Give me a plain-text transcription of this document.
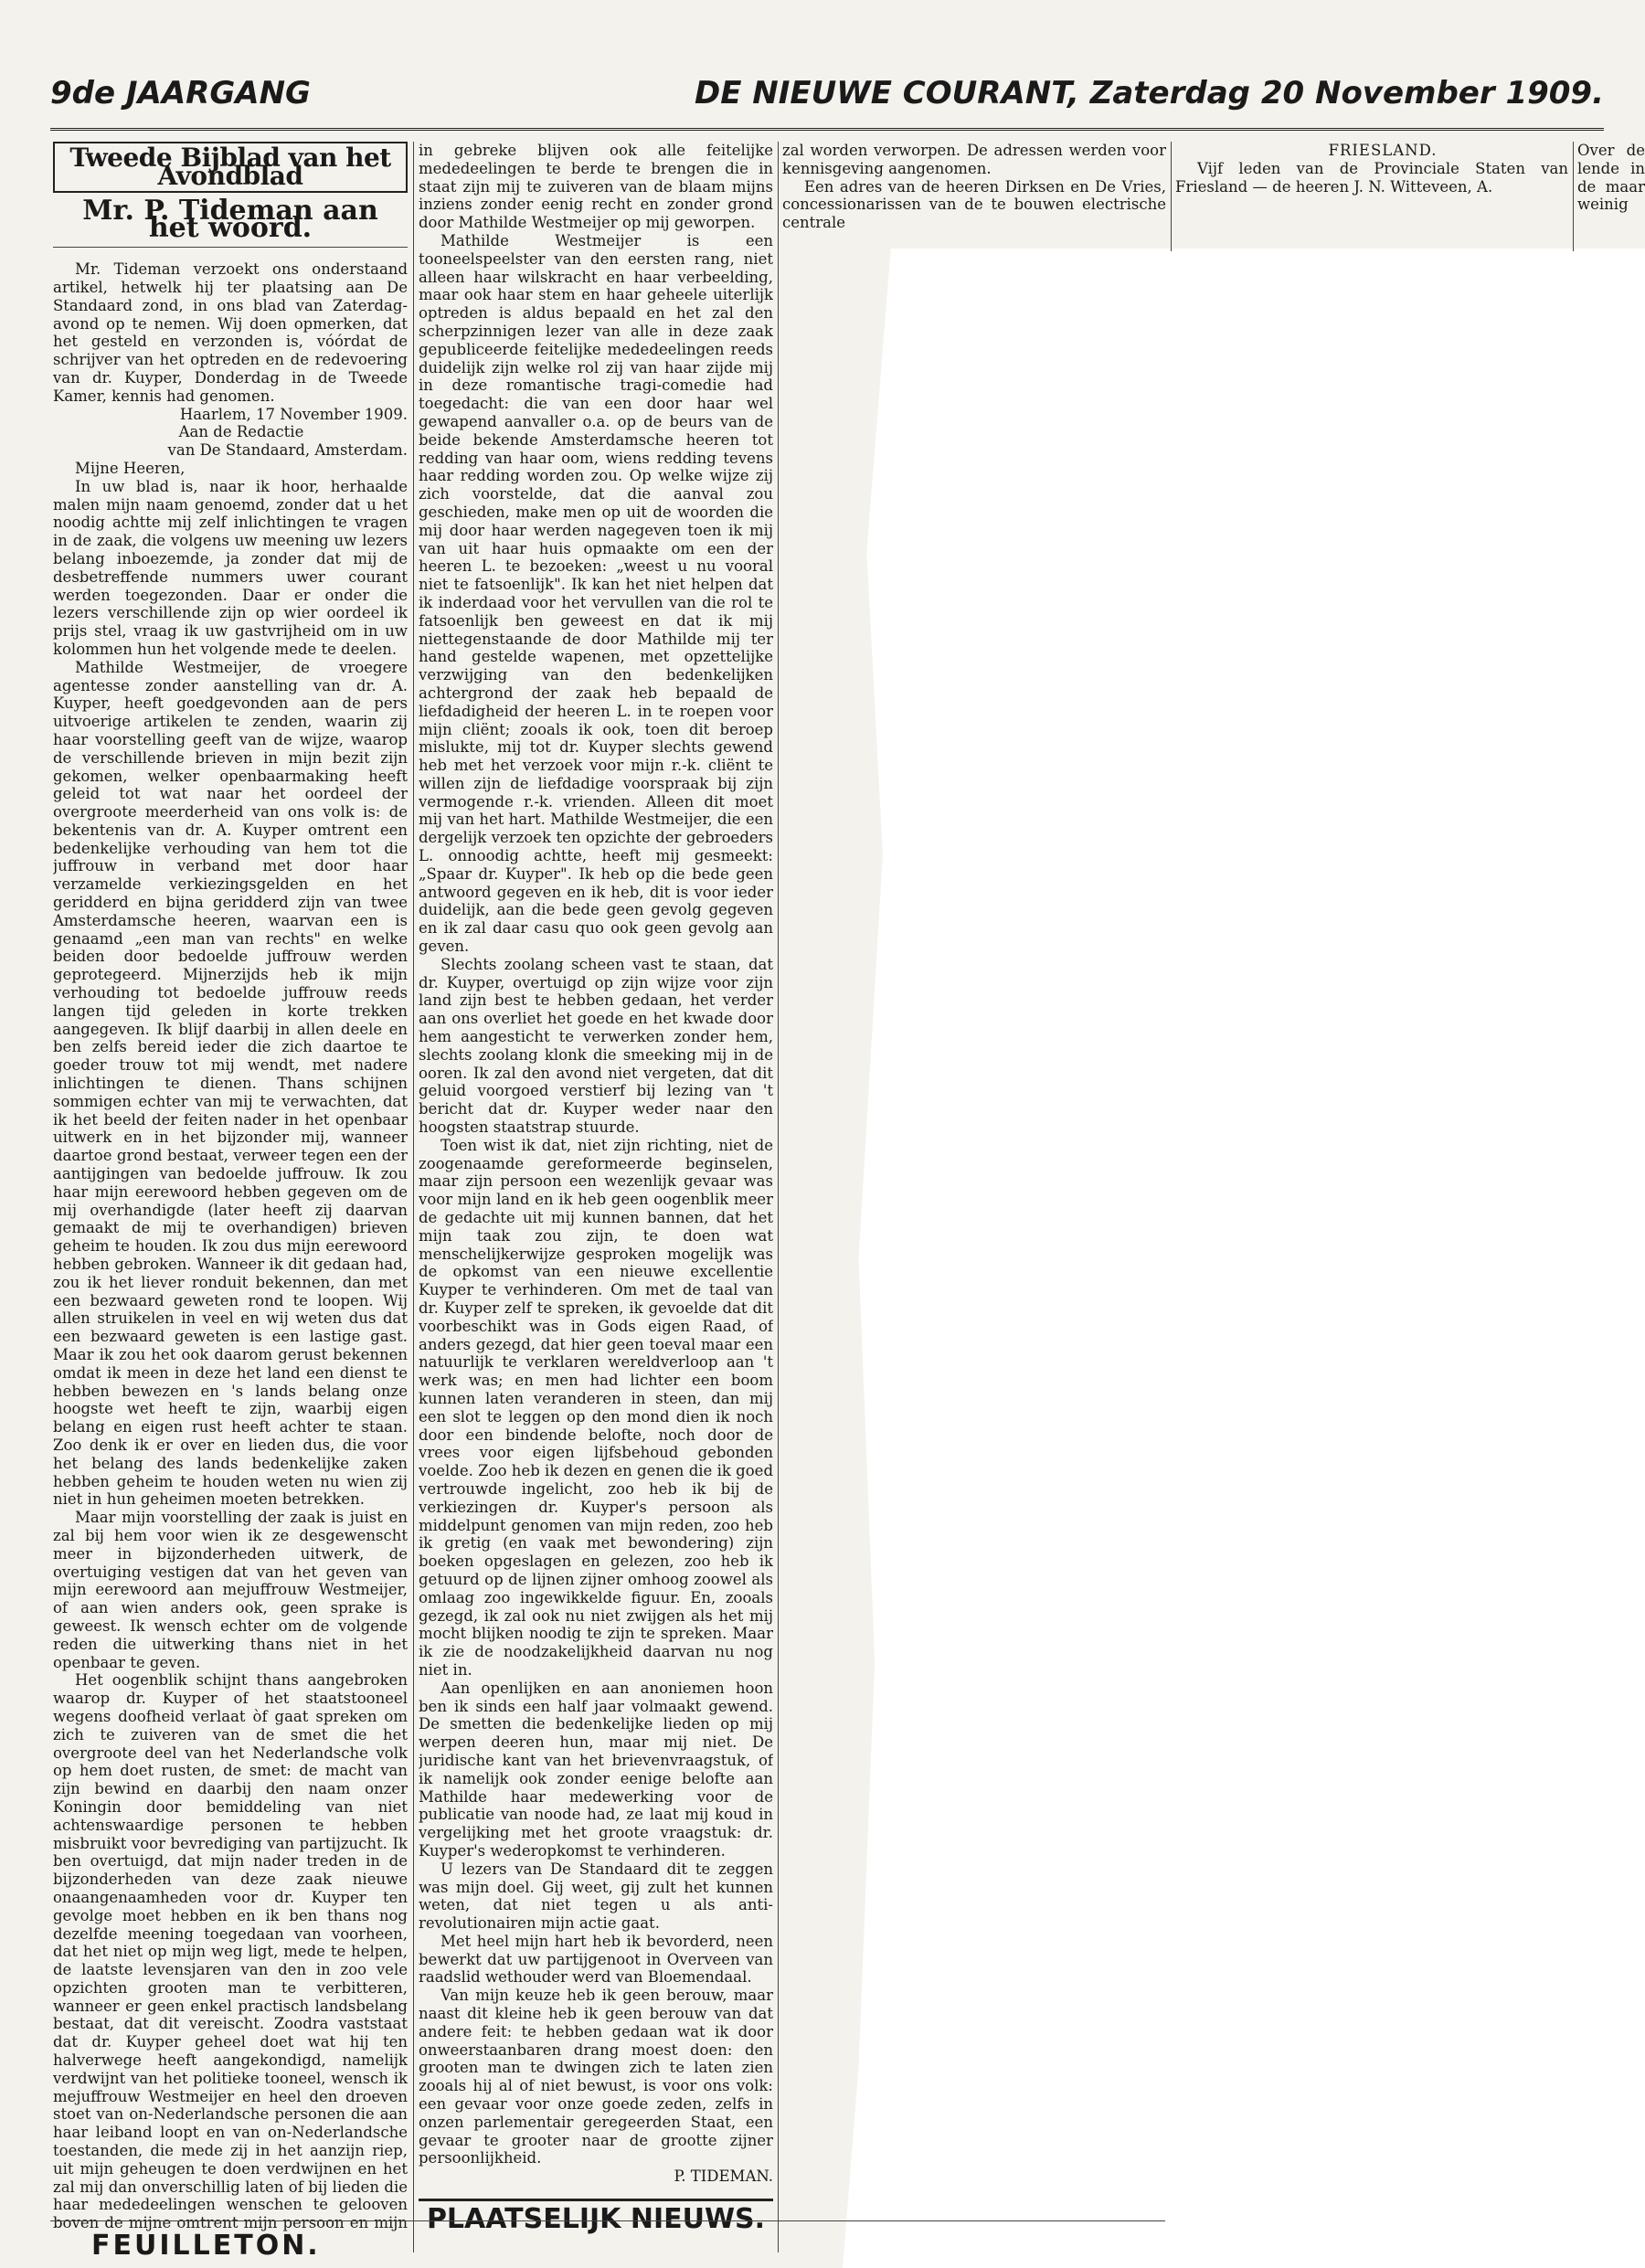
9de JAARGANG	DE NIEUWE COURANT, Zaterdag 20 November 1909.
Tweede Bijblad van het Avondblad
Mr. P. Tideman aan het woord.

Mr. Tideman verzoekt ons onderstaand artikel, hetwelk hij ter plaatsing aan De Standaard zond, in ons blad van Zaterdag-avond op te nemen. Wij doen opmerken, dat het gesteld en verzonden is, vóórdat de schrijver van het optreden en de redevoering van dr. Kuyper, Donderdag in de Tweede Kamer, kennis had genomen.

Haarlem, 17 November 1909.

Aan de Redactie

van De Standaard, Amsterdam.

Mijne Heeren,

In uw blad is, naar ik hoor, herhaalde malen mijn naam genoemd, zonder dat u het noodig achtte mij zelf inlichtingen te vragen in de zaak, die volgens uw meening uw lezers belang inboezemde, ja zonder dat mij de desbetreffende nummers uwer courant werden toegezonden. Daar er onder die lezers verschillende zijn op wier oordeel ik prijs stel, vraag ik uw gastvrijheid om in uw kolommen hun het volgende mede te deelen.

Mathilde Westmeijer, de vroegere agentesse zonder aanstelling van dr. A. Kuyper, heeft goedgevonden aan de pers uitvoerige artikelen te zenden, waarin zij haar voorstelling geeft van de wijze, waarop de verschillende brieven in mijn bezit zijn gekomen, welker openbaarmaking heeft geleid tot wat naar het oordeel der overgroote meerderheid van ons volk is: de bekentenis van dr. A. Kuyper omtrent een bedenkelijke verhouding van hem tot die juffrouw in verband met door haar verzamelde verkiezingsgelden en het geridderd en bijna geridderd zijn van twee Amsterdamsche heeren, waarvan een is genaamd „een man van rechts" en welke beiden door bedoelde juffrouw werden geprotegeerd. Mijnerzijds heb ik mijn verhouding tot bedoelde juffrouw reeds langen tijd geleden in korte trekken aangegeven. Ik blijf daarbij in allen deele en ben zelfs bereid ieder die zich daartoe te goeder trouw tot mij wendt, met nadere inlichtingen te dienen. Thans schijnen sommigen echter van mij te verwachten, dat ik het beeld der feiten nader in het openbaar uitwerk en in het bijzonder mij, wanneer daartoe grond bestaat, verweer tegen een der aantijgingen van bedoelde juffrouw. Ik zou haar mijn eerewoord hebben gegeven om de mij overhandigde (later heeft zij daarvan gemaakt de mij te overhandigen) brieven geheim te houden. Ik zou dus mijn eerewoord hebben gebroken. Wanneer ik dit gedaan had, zou ik het liever ronduit bekennen, dan met een bezwaard geweten rond te loopen. Wij allen struikelen in veel en wij weten dus dat een bezwaard geweten is een lastige gast. Maar ik zou het ook daarom gerust bekennen omdat ik meen in deze het land een dienst te hebben bewezen en 's lands belang onze hoogste wet heeft te zijn, waarbij eigen belang en eigen rust heeft achter te staan. Zoo denk ik er over en lieden dus, die voor het belang des lands bedenkelijke zaken hebben geheim te houden weten nu wien zij niet in hun geheimen moeten betrekken.

Maar mijn voorstelling der zaak is juist en zal bij hem voor wien ik ze desgewenscht meer in bijzonderheden uitwerk, de overtuiging vestigen dat van het geven van mijn eerewoord aan mejuffrouw Westmeijer, of aan wien anders ook, geen sprake is geweest. Ik wensch echter om de volgende reden die uitwerking thans niet in het openbaar te geven.

Het oogenblik schijnt thans aangebroken waarop dr. Kuyper of het staatstooneel wegens doofheid verlaat òf gaat spreken om zich te zuiveren van de smet die het overgroote deel van het Nederlandsche volk op hem doet rusten, de smet: de macht van zijn bewind en daarbij den naam onzer Koningin door bemiddeling van niet achtenswaardige personen te hebben misbruikt voor bevrediging van partijzucht. Ik ben overtuigd, dat mijn nader treden in de bijzonderheden van deze zaak nieuwe onaangenaamheden voor dr. Kuyper ten gevolge moet hebben en ik ben thans nog dezelfde meening toegedaan van voorheen, dat het niet op mijn weg ligt, mede te helpen, de laatste levensjaren van den in zoo vele opzichten grooten man te verbitteren, wanneer er geen enkel practisch landsbelang bestaat, dat dit vereischt. Zoodra vaststaat dat dr. Kuyper geheel doet wat hij ten halverwege heeft aangekondigd, namelijk verdwijnt van het politieke tooneel, wensch ik mejuffrouw Westmeijer en heel den droeven stoet van on-Nederlandsche personen die aan haar leiband loopt en van on-Nederlandsche toestanden, die mede zij in het aanzijn riep, uit mijn geheugen te doen verdwijnen en het zal mij dan onverschillig laten of bij lieden die haar mededeelingen wenschen te gelooven boven de mijne omtrent mijn persoon en mijn

in gebreke blijven ook alle feitelijke mededeelingen te berde te brengen die in staat zijn mij te zuiveren van de blaam mijns inziens zonder eenig recht en zonder grond door Mathilde Westmeijer op mij geworpen.

Mathilde Westmeijer is een tooneelspeelster van den eersten rang, niet alleen haar wilskracht en haar verbeelding, maar ook haar stem en haar geheele uiterlijk optreden is aldus bepaald en het zal den scherpzinnigen lezer van alle in deze zaak gepubliceerde feitelijke mededeelingen reeds duidelijk zijn welke rol zij van haar zijde mij in deze romantische tragi-comedie had toegedacht: die van een door haar wel gewapend aanvaller o.a. op de beurs van de beide bekende Amsterdamsche heeren tot redding van haar oom, wiens redding tevens haar redding worden zou. Op welke wijze zij zich voorstelde, dat die aanval zou geschieden, make men op uit de woorden die mij door haar werden nagegeven toen ik mij van uit haar huis opmaakte om een der heeren L. te bezoeken: „weest u nu vooral niet te fatsoenlijk". Ik kan het niet helpen dat ik inderdaad voor het vervullen van die rol te fatsoenlijk ben geweest en dat ik mij niettegenstaande de door Mathilde mij ter hand gestelde wapenen, met opzettelijke verzwijging van den bedenkelijken achtergrond der zaak heb bepaald de liefdadigheid der heeren L. in te roepen voor mijn cliënt; zooals ik ook, toen dit beroep mislukte, mij tot dr. Kuyper slechts gewend heb met het verzoek voor mijn r.-k. cliënt te willen zijn de liefdadige voorspraak bij zijn vermogende r.-k. vrienden. Alleen dit moet mij van het hart. Mathilde Westmeijer, die een dergelijk verzoek ten opzichte der gebroeders L. onnoodig achtte, heeft mij gesmeekt: „Spaar dr. Kuyper". Ik heb op die bede geen antwoord gegeven en ik heb, dit is voor ieder duidelijk, aan die bede geen gevolg gegeven en ik zal daar casu quo ook geen gevolg aan geven.

Slechts zoolang scheen vast te staan, dat dr. Kuyper, overtuigd op zijn wijze voor zijn land zijn best te hebben gedaan, het verder aan ons overliet het goede en het kwade door hem aangesticht te verwerken zonder hem, slechts zoolang klonk die smeeking mij in de ooren. Ik zal den avond niet vergeten, dat dit geluid voorgoed verstierf bij lezing van 't bericht dat dr. Kuyper weder naar den hoogsten staatstrap stuurde.

Toen wist ik dat, niet zijn richting, niet de zoogenaamde gereformeerde beginselen, maar zijn persoon een wezenlijk gevaar was voor mijn land en ik heb geen oogenblik meer de gedachte uit mij kunnen bannen, dat het mijn taak zou zijn, te doen wat menschelijkerwijze gesproken mogelijk was de opkomst van een nieuwe excellentie Kuyper te verhinderen. Om met de taal van dr. Kuyper zelf te spreken, ik gevoelde dat dit voorbeschikt was in Gods eigen Raad, of anders gezegd, dat hier geen toeval maar een natuurlijk te verklaren wereldverloop aan 't werk was; en men had lichter een boom kunnen laten veranderen in steen, dan mij een slot te leggen op den mond dien ik noch door een bindende belofte, noch door de vrees voor eigen lijfsbehoud gebonden voelde. Zoo heb ik dezen en genen die ik goed vertrouwde ingelicht, zoo heb ik bij de verkiezingen dr. Kuyper's persoon als middelpunt genomen van mijn reden, zoo heb ik gretig (en vaak met bewondering) zijn boeken opgeslagen en gelezen, zoo heb ik getuurd op de lijnen zijner omhoog zoowel als omlaag zoo ingewikkelde figuur. En, zooals gezegd, ik zal ook nu niet zwijgen als het mij mocht blijken noodig te zijn te spreken. Maar ik zie de noodzakelijkheid daarvan nu nog niet in.

Aan openlijken en aan anoniemen hoon ben ik sinds een half jaar volmaakt gewend. De smetten die bedenkelijke lieden op mij werpen deeren hun, maar mij niet. De juridische kant van het brievenvraagstuk, of ik namelijk ook zonder eenige belofte aan Mathilde haar medewerking voor de publicatie van noode had, ze laat mij koud in vergelijking met het groote vraagstuk: dr. Kuyper's wederopkomst te verhinderen.

U lezers van De Standaard dit te zeggen was mijn doel. Gij weet, gij zult het kunnen weten, dat niet tegen u als anti-revolutionairen mijn actie gaat.

Met heel mijn hart heb ik bevorderd, neen bewerkt dat uw partijgenoot in Overveen van raadslid wethouder werd van Bloemendaal.

Van mijn keuze heb ik geen berouw, maar naast dit kleine heb ik geen berouw van dat andere feit: te hebben gedaan wat ik door onweerstaanbaren drang moest doen: den grooten man te dwingen zich te laten zien zooals hij al of niet bewust, is voor ons volk: een gevaar voor onze goede zeden, zelfs in onzen parlementair geregeerden Staat, een gevaar te grooter naar de grootte zijner persoonlijkheid.

P. TIDEMAN.

PLAATSELIJK NIEUWS.

zal worden verworpen. De adressen werden voor kennisgeving aangenomen.

Een adres van de heeren Dirksen en De Vries, concessionarissen van de te bouwen electrische centrale

FRIESLAND.

Vijf leden van de Provinciale Staten van Friesland — de heeren J. N. Witteveen, A.

Over de lende in de maar weinig

FEUILLETON.
